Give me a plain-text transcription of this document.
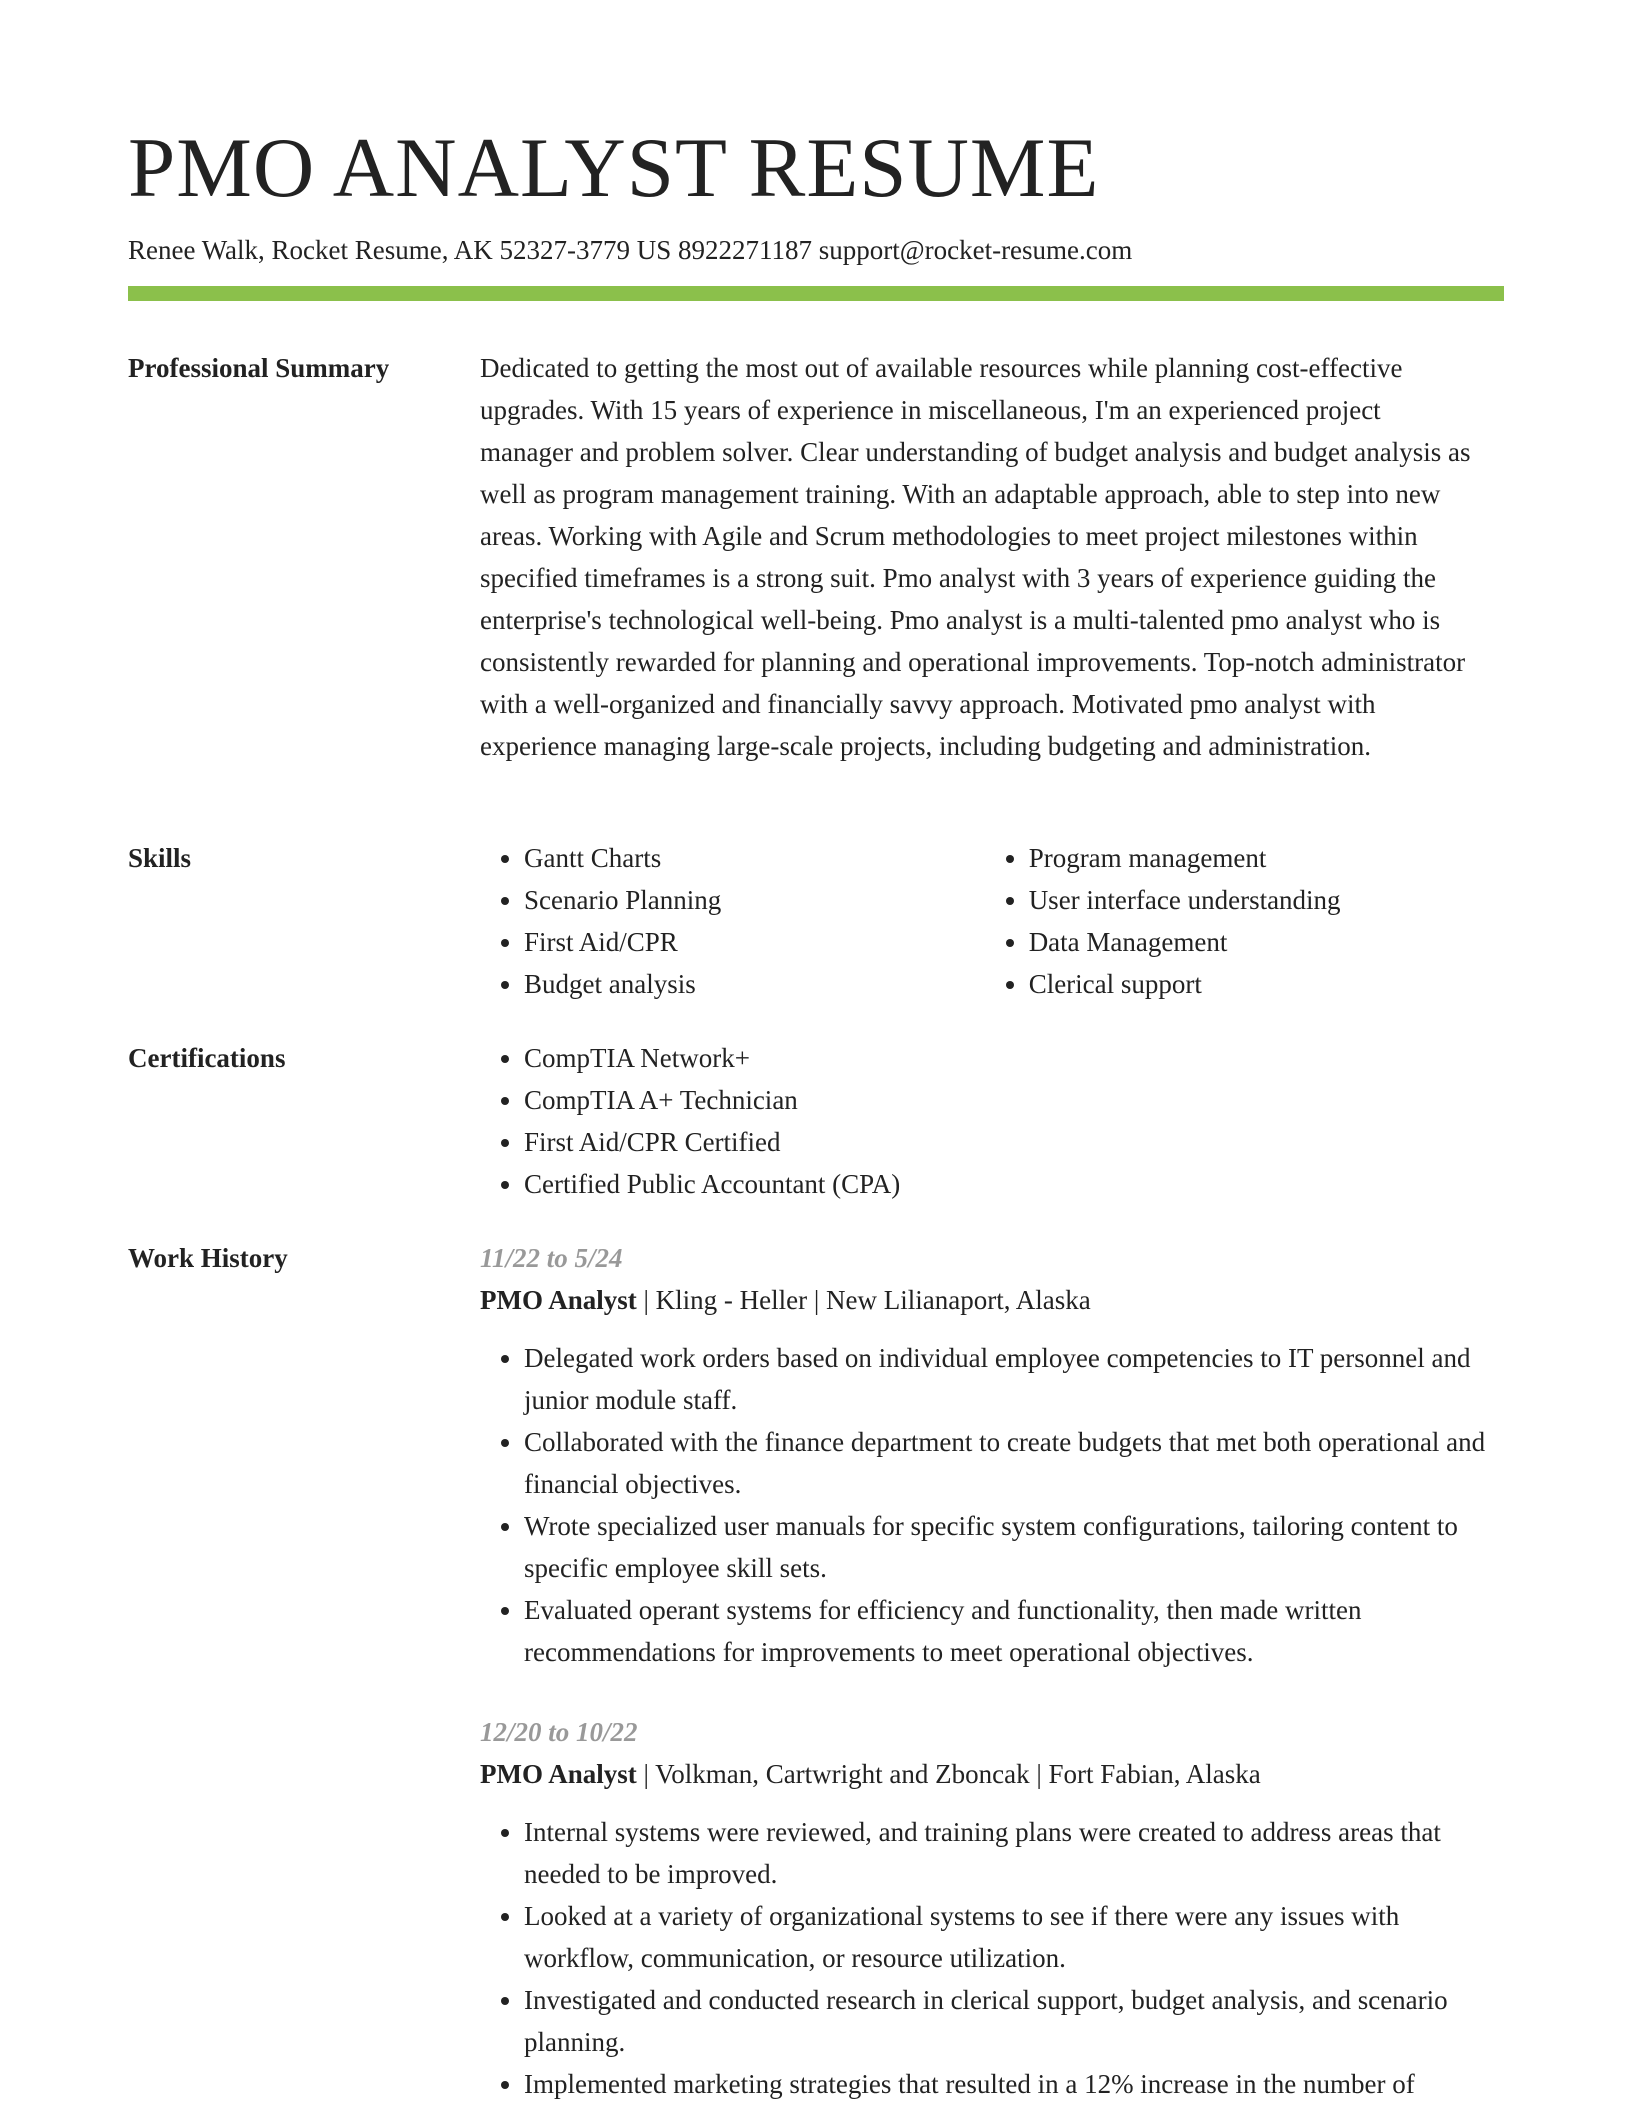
PMO ANALYST RESUME
Renee Walk, Rocket Resume, AK 52327-3779 US 8922271187 support@rocket-resume.com
Professional Summary	Dedicated to getting the most out of available resources while planning cost-effective upgrades. With 15 years of experience in miscellaneous, I'm an experienced project manager and problem solver. Clear understanding of budget analysis and budget analysis as well as program management training. With an adaptable approach, able to step into new areas. Working with Agile and Scrum methodologies to meet project milestones within specified timeframes is a strong suit. Pmo analyst with 3 years of experience guiding the enterprise's technological well-being. Pmo analyst is a multi-talented pmo analyst who is consistently rewarded for planning and operational improvements. Top-notch administrator with a well-organized and financially savvy approach. Motivated pmo analyst with experience managing large-scale projects, including budgeting and administration.

Skills	• Gantt Charts
• Scenario Planning
• First Aid/CPR
• Budget analysis
• Program management
• User interface understanding
• Data Management
• Clerical support
Certifications	• CompTIA Network+
• CompTIA A+ Technician
• First Aid/CPR Certified
• Certified Public Accountant (CPA)
Work History	11/22 to 5/24
PMO Analyst | Kling - Heller | New Lilianaport, Alaska
• Delegated work orders based on individual employee competencies to IT personnel and junior module staff.
• Collaborated with the finance department to create budgets that met both operational and financial objectives.
• Wrote specialized user manuals for specific system configurations, tailoring content to specific employee skill sets.
• Evaluated operant systems for efficiency and functionality, then made written recommendations for improvements to meet operational objectives.
12/20 to 10/22
PMO Analyst | Volkman, Cartwright and Zboncak | Fort Fabian, Alaska
• Internal systems were reviewed, and training plans were created to address areas that needed to be improved.
• Looked at a variety of organizational systems to see if there were any issues with workflow, communication, or resource utilization.
• Investigated and conducted research in clerical support, budget analysis, and scenario planning.
• Implemented marketing strategies that resulted in a 12% increase in the number of
